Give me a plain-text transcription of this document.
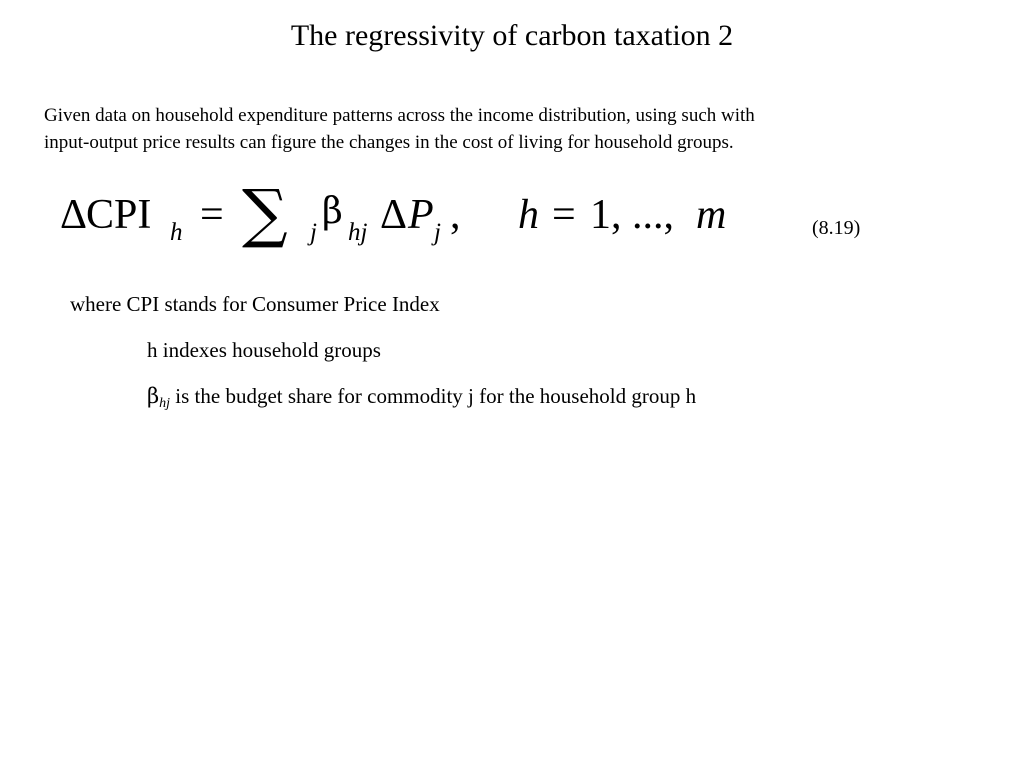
The regressivity of carbon taxation 2
Given data on household expenditure patterns across the income distribution, using such with
input-output price results can figure the changes in the cost of living for household groups.
Δ
CPI h = ∑ j
β
hj Δ P j , h = 1, ..., m	(8.19)
where CPI stands for Consumer Price Index
h indexes household groups
$\beta_{hj}$ is the budget share for commodity j for the household group h
